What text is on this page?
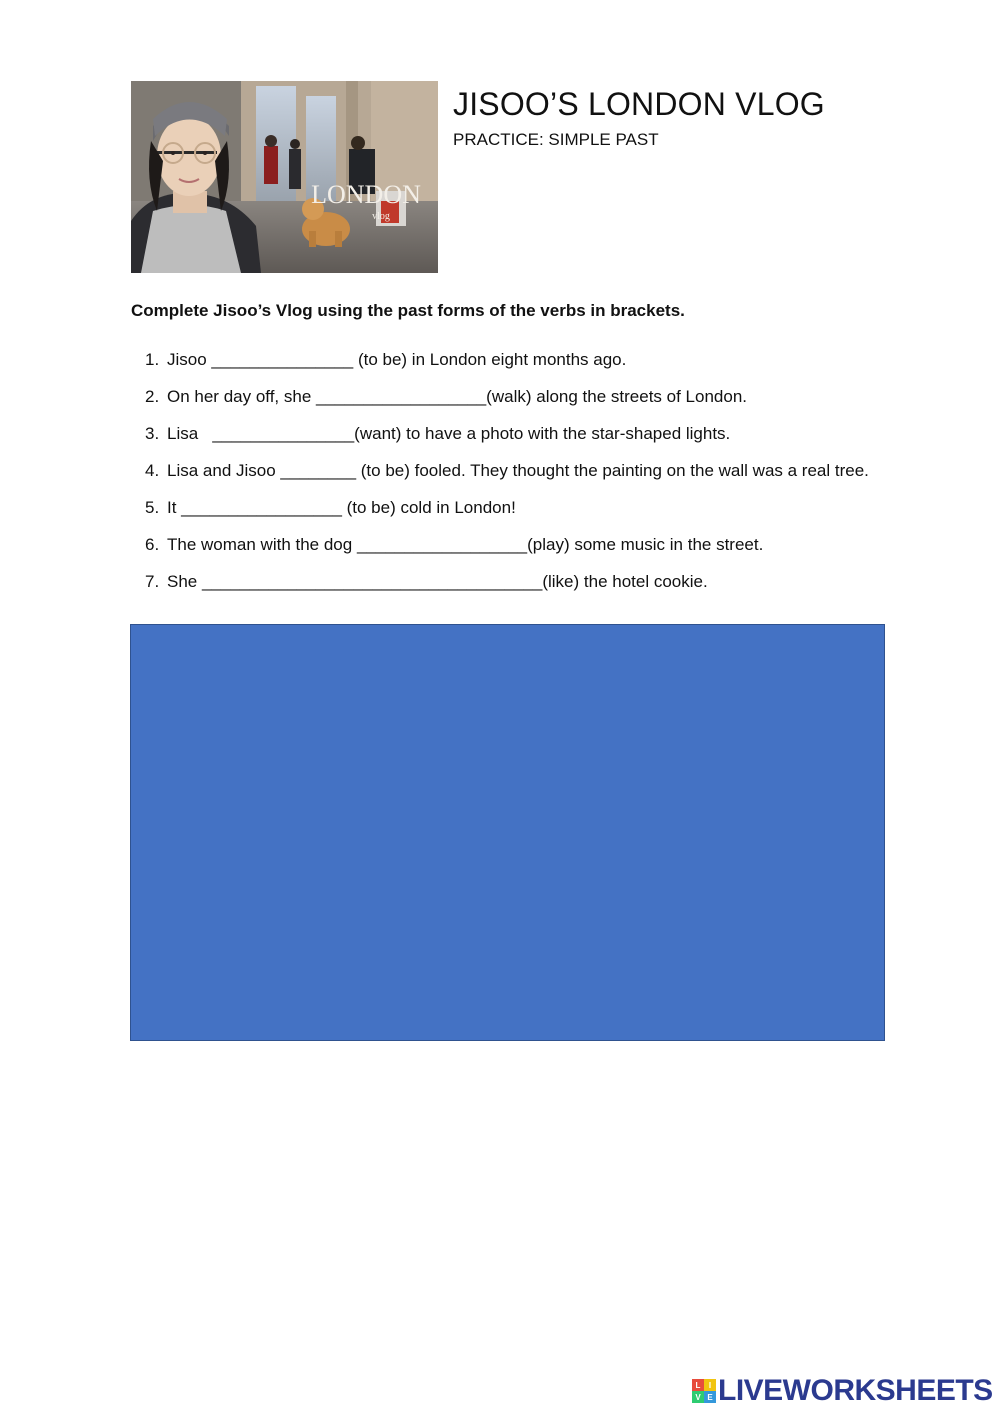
LONDON
vlog
JISOO’S LONDON VLOG
PRACTICE: SIMPLE PAST
Complete Jisoo’s Vlog using the past forms of the verbs in brackets.
1. Jisoo _______________ (to be) in London eight months ago.
2. On her day off, she __________________(walk) along the streets of London.
3. Lisa   _______________(want) to have a photo with the star-shaped lights.
4. Lisa and Jisoo ________ (to be) fooled. They thought the painting on the wall was a real tree.
5. It _________________ (to be) cold in London!
6. The woman with the dog __________________(play) some music in the street.
7. She ____________________________________(like) the hotel cookie.
L	I
V E LIVEWORKSHEETS
